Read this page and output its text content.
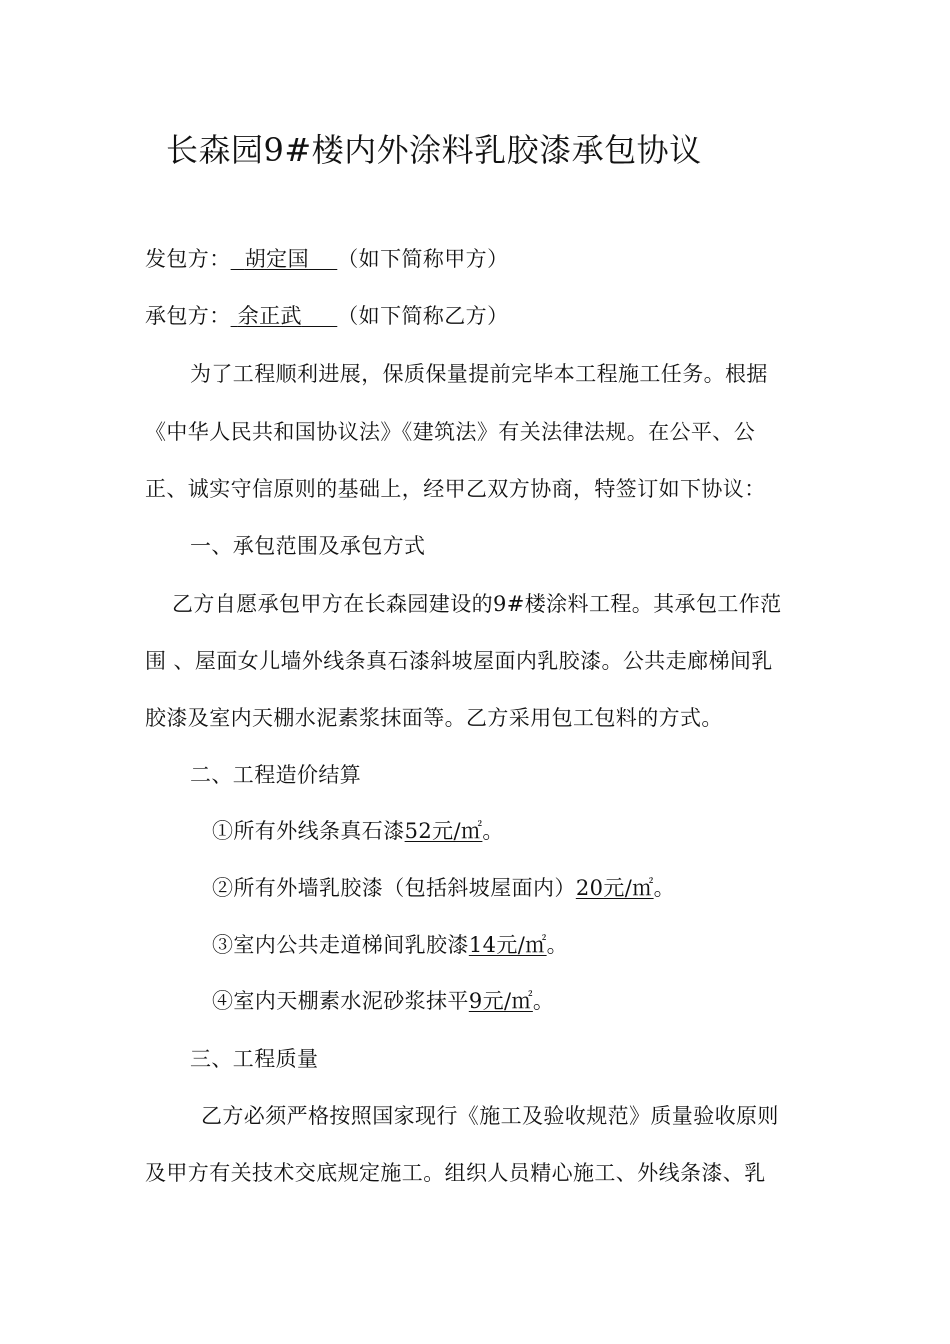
长森园9#楼内外涂料乳胶漆承包协议
发包方： 胡定国 （如下简称甲方）
承包方： 余正武 （如下简称乙方）
为了工程顺利进展，保质保量提前完毕本工程施工任务。根据
《中华人民共和国协议法》《建筑法》有关法律法规。在公平、公
正、诚实守信原则的基础上，经甲乙双方协商，特签订如下协议：
一、承包范围及承包方式
乙方自愿承包甲方在长森园建设的9#楼涂料工程。其承包工作范
围 、屋面女儿墙外线条真石漆斜坡屋面内乳胶漆。公共走廊梯间乳
胶漆及室内天棚水泥素浆抹面等。乙方采用包工包料的方式。
二、工程造价结算
①所有外线条真石漆52元/㎡。
②所有外墙乳胶漆（包括斜坡屋面内）20元/㎡。
③室内公共走道梯间乳胶漆14元/㎡。
④室内天棚素水泥砂浆抹平9元/㎡。
三、工程质量
乙方必须严格按照国家现行《施工及验收规范》质量验收原则
及甲方有关技术交底规定施工。组织人员精心施工、外线条漆、乳
